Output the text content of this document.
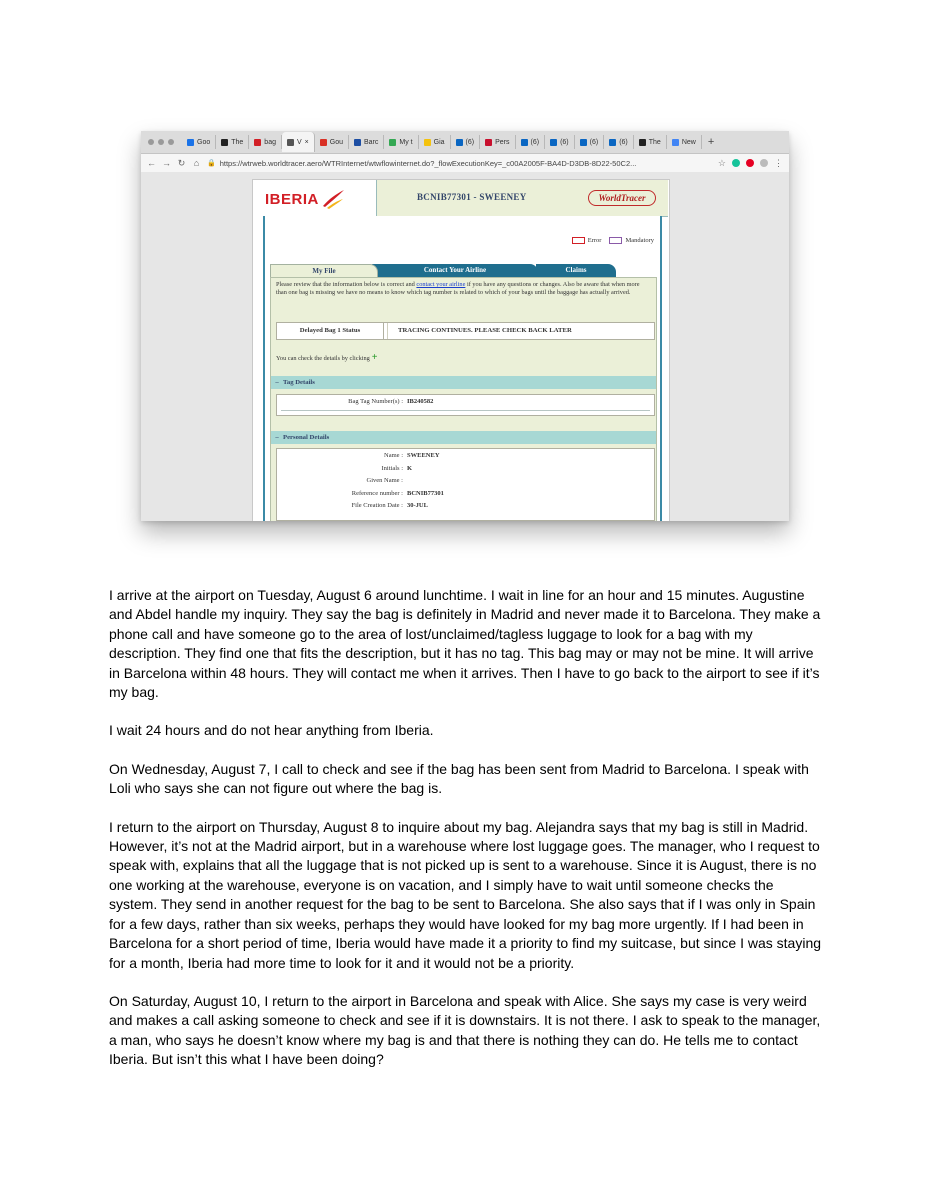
Goo	The	bag	V ×	Gou	Barc	My t	Gia	(6)	Pers	(6)	(6)	(6)	(6)	The	New	+
← → ↻ ⌂ 🔒 https://wtrweb.worldtracer.aero/WTRInternet/wtwflowinternet.do?_flowExecutionKey=_c00A2005F-BA4D-D3DB-8D22-50C2...	☆	⋮
IBERIA	BCNIB77301 - SWEENEY	WorldTracer
Error	Mandatory
Contact Your Airline	Claims
My File
Please review that the information below is correct and contact your airline if you have any questions or changes. Also be aware that when more than one bag is missing we have no means to know which tag number is related to which of your bags until the baggage has actually arrived.
Delayed Bag 1 Status	TRACING CONTINUES. PLEASE CHECK BACK LATER
You can check the details by clicking +
– Tag Details
Bag Tag Number(s) : IB240582
– Personal Details
Name : SWEENEY
Initials : K
Given Name :
Reference number : BCNIB77301
File Creation Date : 30-JUL

I arrive at the airport on Tuesday, August 6 around lunchtime. I wait in line for an hour and 15 minutes. Augustine and Abdel handle my inquiry. They say the bag is definitely in Madrid and never made it to Barcelona. They make a phone call and have someone go to the area of lost/unclaimed/tagless luggage to look for a bag with my description. They find one that fits the description, but it has no tag. This bag may or may not be mine. It will arrive in Barcelona within 48 hours. They will contact me when it arrives. Then I have to go back to the airport to see if it’s my bag.

I wait 24 hours and do not hear anything from Iberia.

On Wednesday, August 7, I call to check and see if the bag has been sent from Madrid to Barcelona. I speak with Loli who says she can not figure out where the bag is.

I return to the airport on Thursday, August 8 to inquire about my bag. Alejandra says that my bag is still in Madrid. However, it’s not at the Madrid airport, but in a warehouse where lost luggage goes. The manager, who I request to speak with, explains that all the luggage that is not picked up is sent to a warehouse. Since it is August, there is no one working at the warehouse, everyone is on vacation, and I simply have to wait until someone checks the system. They send in another request for the bag to be sent to Barcelona. She also says that if I was only in Spain for a few days, rather than six weeks, perhaps they would have looked for my bag more urgently. If I had been in Barcelona for a short period of time, Iberia would have made it a priority to find my suitcase, but since I was staying for a month, Iberia had more time to look for it and it would not be a priority.

On Saturday, August 10, I return to the airport in Barcelona and speak with Alice. She says my case is very weird and makes a call asking someone to check and see if it is downstairs. It is not there. I ask to speak to the manager, a man, who says he doesn’t know where my bag is and that there is nothing they can do. He tells me to contact Iberia. But isn’t this what I have been doing?
